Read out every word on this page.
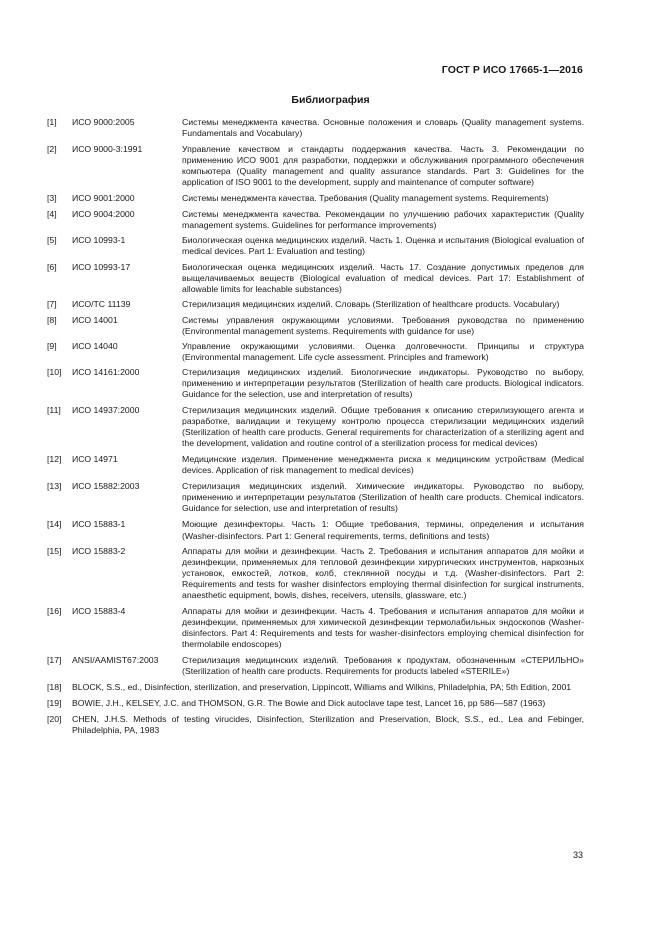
ГОСТ Р ИСО 17665-1—2016
Библиография
[1]	ИСО 9000:2005	Системы менеджмента качества. Основные положения и словарь (Quality management systems. Fundamentals and Vocabulary)
[2]	ИСО 9000-3:1991	Управление качеством и стандарты поддержания качества. Часть 3. Рекомендации по применению ИСО 9001 для разработки, поддержки и обслуживания программного обеспечения компьютера (Quality management and quality assurance standards. Part 3: Guidelines for the application of ISO 9001 to the development, supply and maintenance of computer software)
[3]	ИСО 9001:2000	Системы менеджмента качества. Требования (Quality management systems. Requirements)
[4]	ИСО 9004:2000	Системы менеджмента качества. Рекомендации по улучшению рабочих характеристик (Quality management systems. Guidelines for performance improvements)
[5]	ИСО 10993-1	Биологическая оценка медицинских изделий. Часть 1. Оценка и испытания (Biological evaluation of medical devices. Part 1: Evaluation and testing)
[6]	ИСО 10993-17	Биологическая оценка медицинских изделий. Часть 17. Создание допустимых пределов для выщелачиваемых веществ (Biological evaluation of medical devices. Part 17: Establishment of allowable limits for leachable substances)
[7]	ИСО/ТС 11139	Стерилизация медицинских изделий. Словарь (Sterilization of healthcare products. Vocabulary)
[8]	ИСО 14001	Системы управления окружающими условиями. Требования руководства по применению (Environmental management systems. Requirements with guidance for use)
[9]	ИСО 14040	Управление окружающими условиями. Оценка долговечности. Принципы и структура (Environmental management. Life cycle assessment. Principles and framework)
[10]	ИСО 14161:2000	Стерилизация медицинских изделий. Биологические индикаторы. Руководство по выбору, применению и интерпретации результатов (Sterilization of health care products. Biological indicators. Guidance for the selection, use and interpretation of results)
[11]	ИСО 14937:2000	Стерилизация медицинских изделий. Общие требования к описанию стерилизующего агента и разработке, валидации и текущему контролю процесса стерилизации медицинских изделий (Sterilization of health care products. General requirements for characterization of a sterilizing agent and the development, validation and routine control of a sterilization process for medical devices)
[12]	ИСО 14971	Медицинские изделия. Применение менеджмента риска к медицинским устройствам (Medical devices. Application of risk management to medical devices)
[13]	ИСО 15882:2003	Стерилизация медицинских изделий. Химические индикаторы. Руководство по выбору, применению и интерпретации результатов (Sterilization of health care products. Chemical indicators. Guidance for selection, use and interpretation of results)
[14]	ИСО 15883-1	Моющие дезинфекторы. Часть 1: Общие требования, термины, определения и испытания (Washer-disinfectors. Part 1: General requirements, terms, definitions and tests)
[15]	ИСО 15883-2	Аппараты для мойки и дезинфекции. Часть 2. Требования и испытания аппаратов для мойки и дезинфекции, применяемых для тепловой дезинфекции хирургических инструментов, наркозных установок, емкостей, лотков, колб, стеклянной посуды и т.д. (Washer-disinfectors. Part 2: Requirements and tests for washer disinfectors employing thermal disinfection for surgical instruments, anaesthetic equipment, bowls, dishes, receivers, utensils, glassware, etc.)
[16]	ИСО 15883-4	Аппараты для мойки и дезинфекции. Часть 4. Требования и испытания аппаратов для мойки и дезинфекции, применяемых для химической дезинфекции термолабильных эндоскопов (Washer-disinfectors. Part 4: Requirements and tests for washer-disinfectors employing chemical disinfection for thermolabile endoscopes)
[17]	ANSI/AAMIST67:2003	Стерилизация медицинских изделий. Требования к продуктам, обозначенным «СТЕРИЛЬНО» (Sterilization of health care products. Requirements for products labeled «STERILE»)
[18]	BLOCK, S.S., ed., Disinfection, sterilization, and preservation, Lippincott, Williams and Wilkins, Philadelphia, PA; 5th Edition, 2001
[19]	BOWIE, J.H., KELSEY, J.C. and THOMSON, G.R. The Bowie and Dick autoclave tape test, Lancet 16, pp 586—587 (1963)
[20]	CHEN, J.H.S. Methods of testing virucides, Disinfection, Sterilization and Preservation, Block, S.S., ed., Lea and Febinger, Philadelphia, PA, 1983
33
